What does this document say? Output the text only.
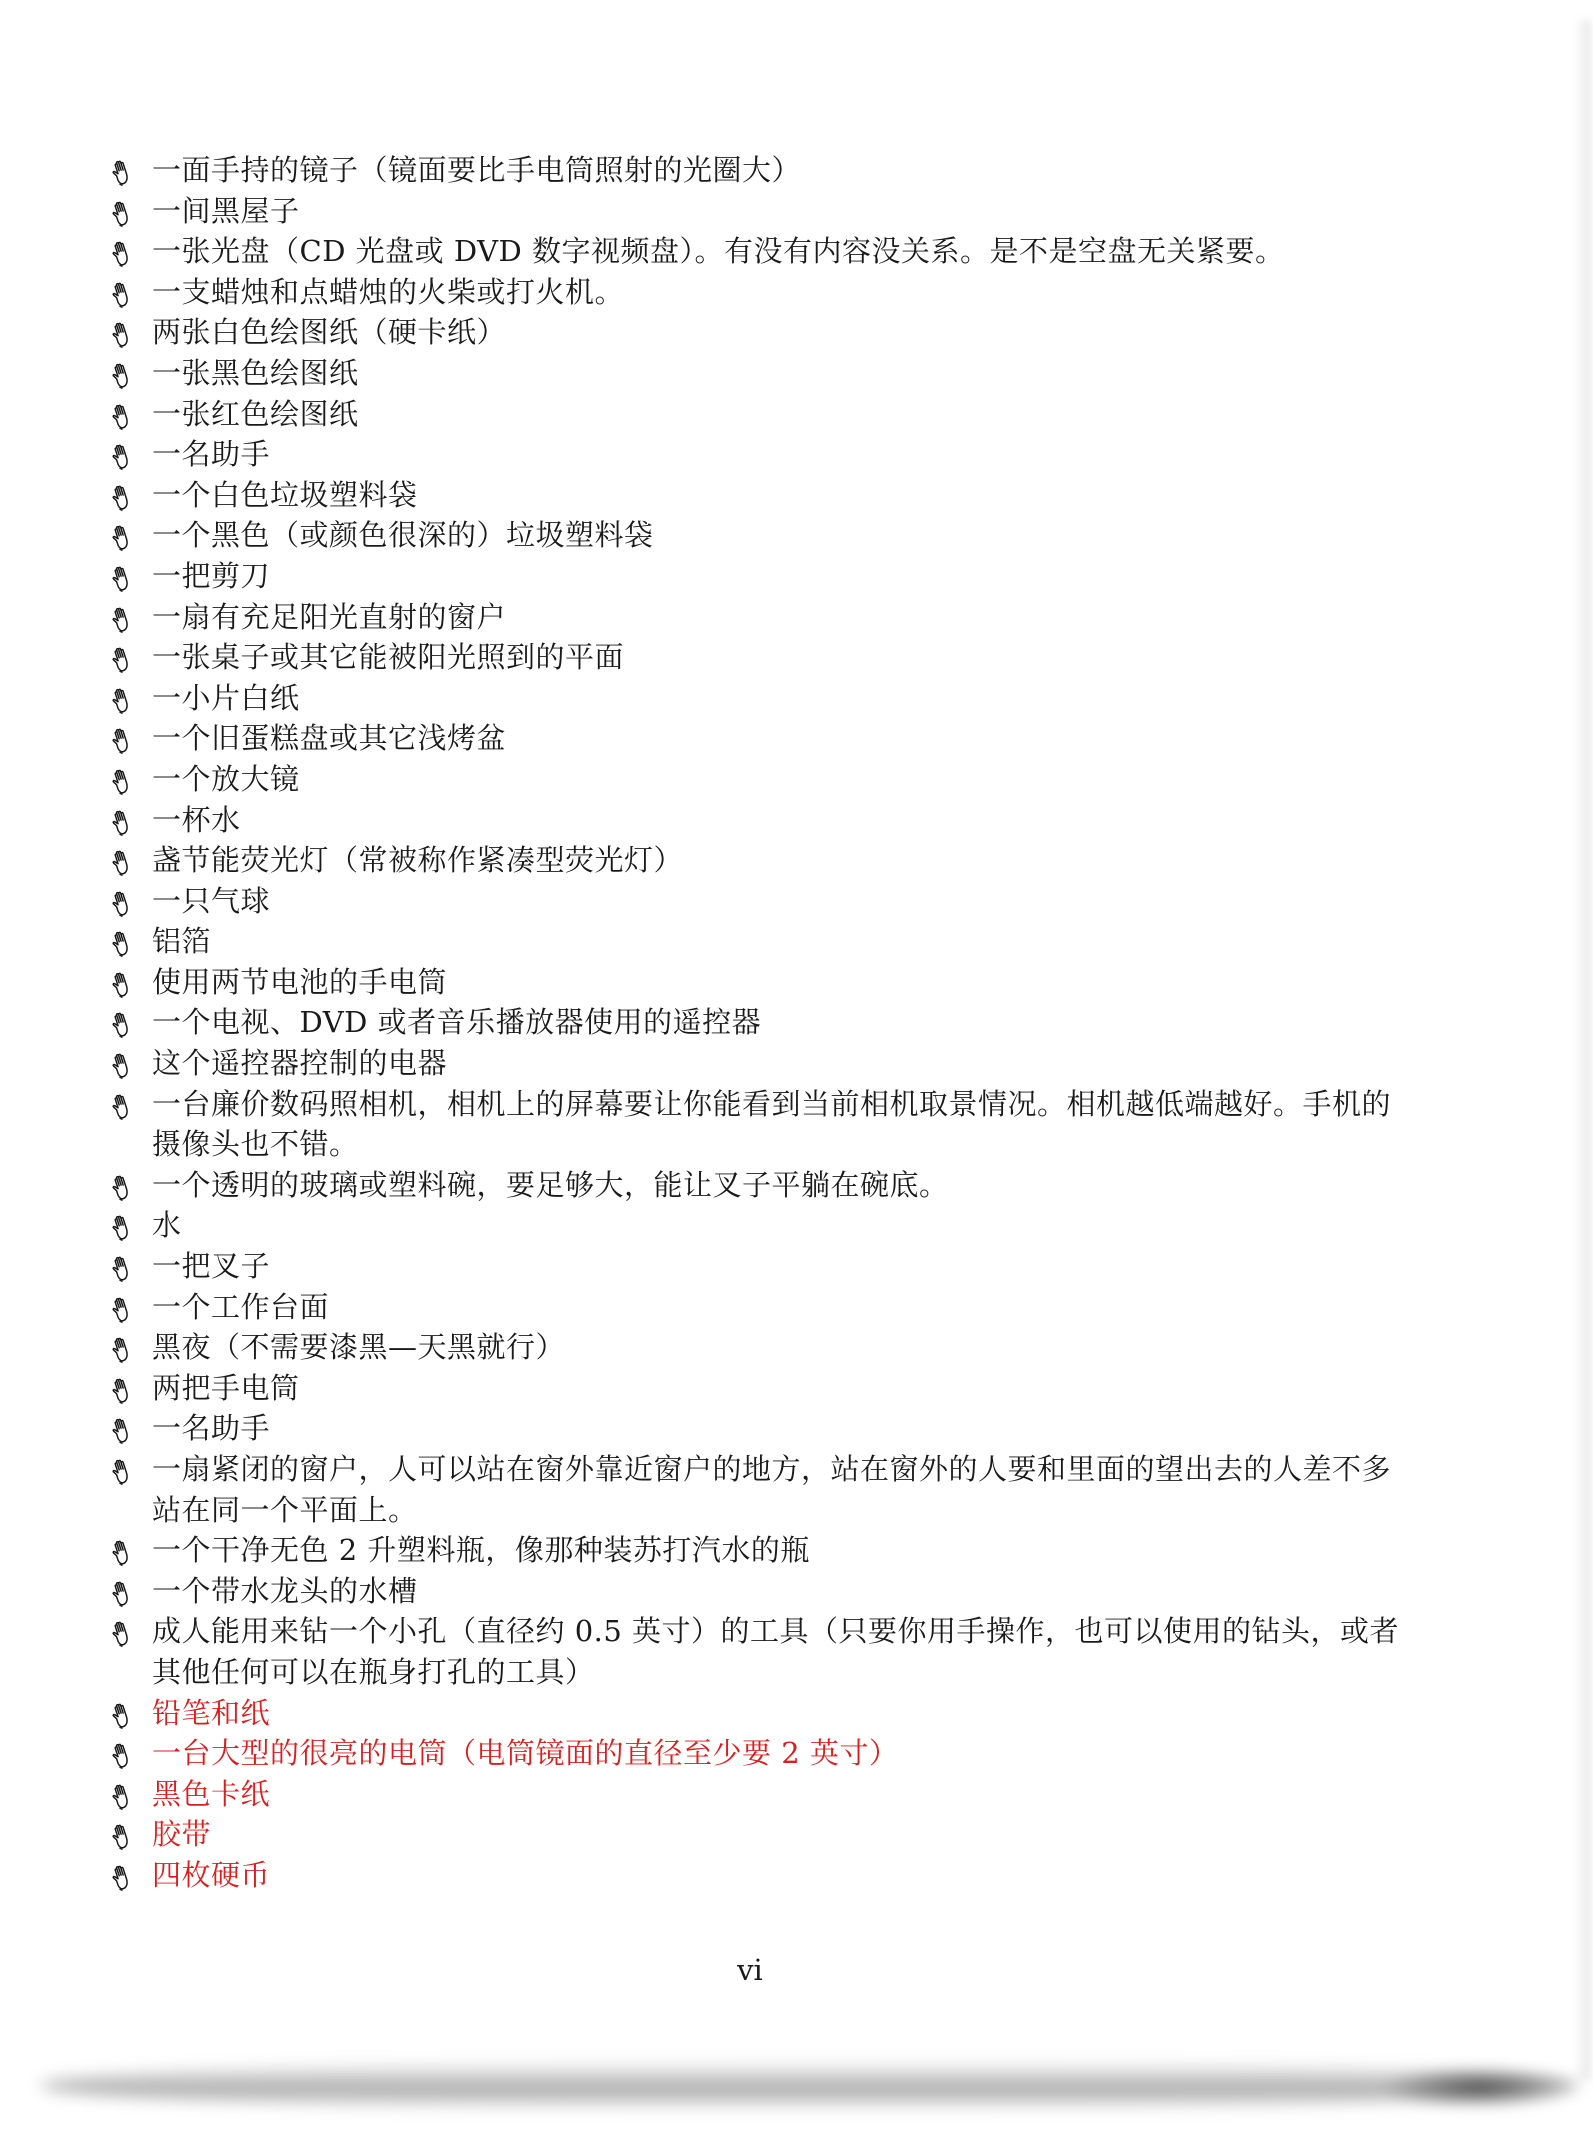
一面手持的镜子（镜面要比手电筒照射的光圈大）
一间黑屋子
一张光盘（CD 光盘或 DVD 数字视频盘）。有没有内容没关系。是不是空盘无关紧要。
一支蜡烛和点蜡烛的火柴或打火机。
两张白色绘图纸（硬卡纸）
一张黑色绘图纸
一张红色绘图纸
一名助手
一个白色垃圾塑料袋
一个黑色（或颜色很深的）垃圾塑料袋
一把剪刀
一扇有充足阳光直射的窗户
一张桌子或其它能被阳光照到的平面
一小片白纸
一个旧蛋糕盘或其它浅烤盆
一个放大镜
一杯水
盏节能荧光灯（常被称作紧凑型荧光灯）
一只气球
铝箔
使用两节电池的手电筒
一个电视、DVD 或者音乐播放器使用的遥控器
这个遥控器控制的电器
一台廉价数码照相机，相机上的屏幕要让你能看到当前相机取景情况。相机越低端越好。手机的摄像头也不错。
一个透明的玻璃或塑料碗，要足够大，能让叉子平躺在碗底。
水
一把叉子
一个工作台面
黑夜（不需要漆黑—天黑就行）
两把手电筒
一名助手
一扇紧闭的窗户，人可以站在窗外靠近窗户的地方，站在窗外的人要和里面的望出去的人差不多站在同一个平面上。
一个干净无色 2 升塑料瓶，像那种装苏打汽水的瓶
一个带水龙头的水槽
成人能用来钻一个小孔（直径约 0.5 英寸）的工具（只要你用手操作，也可以使用的钻头，或者其他任何可以在瓶身打孔的工具）
铅笔和纸
一台大型的很亮的电筒（电筒镜面的直径至少要 2 英寸）
黑色卡纸
胶带
四枚硬币
vi
